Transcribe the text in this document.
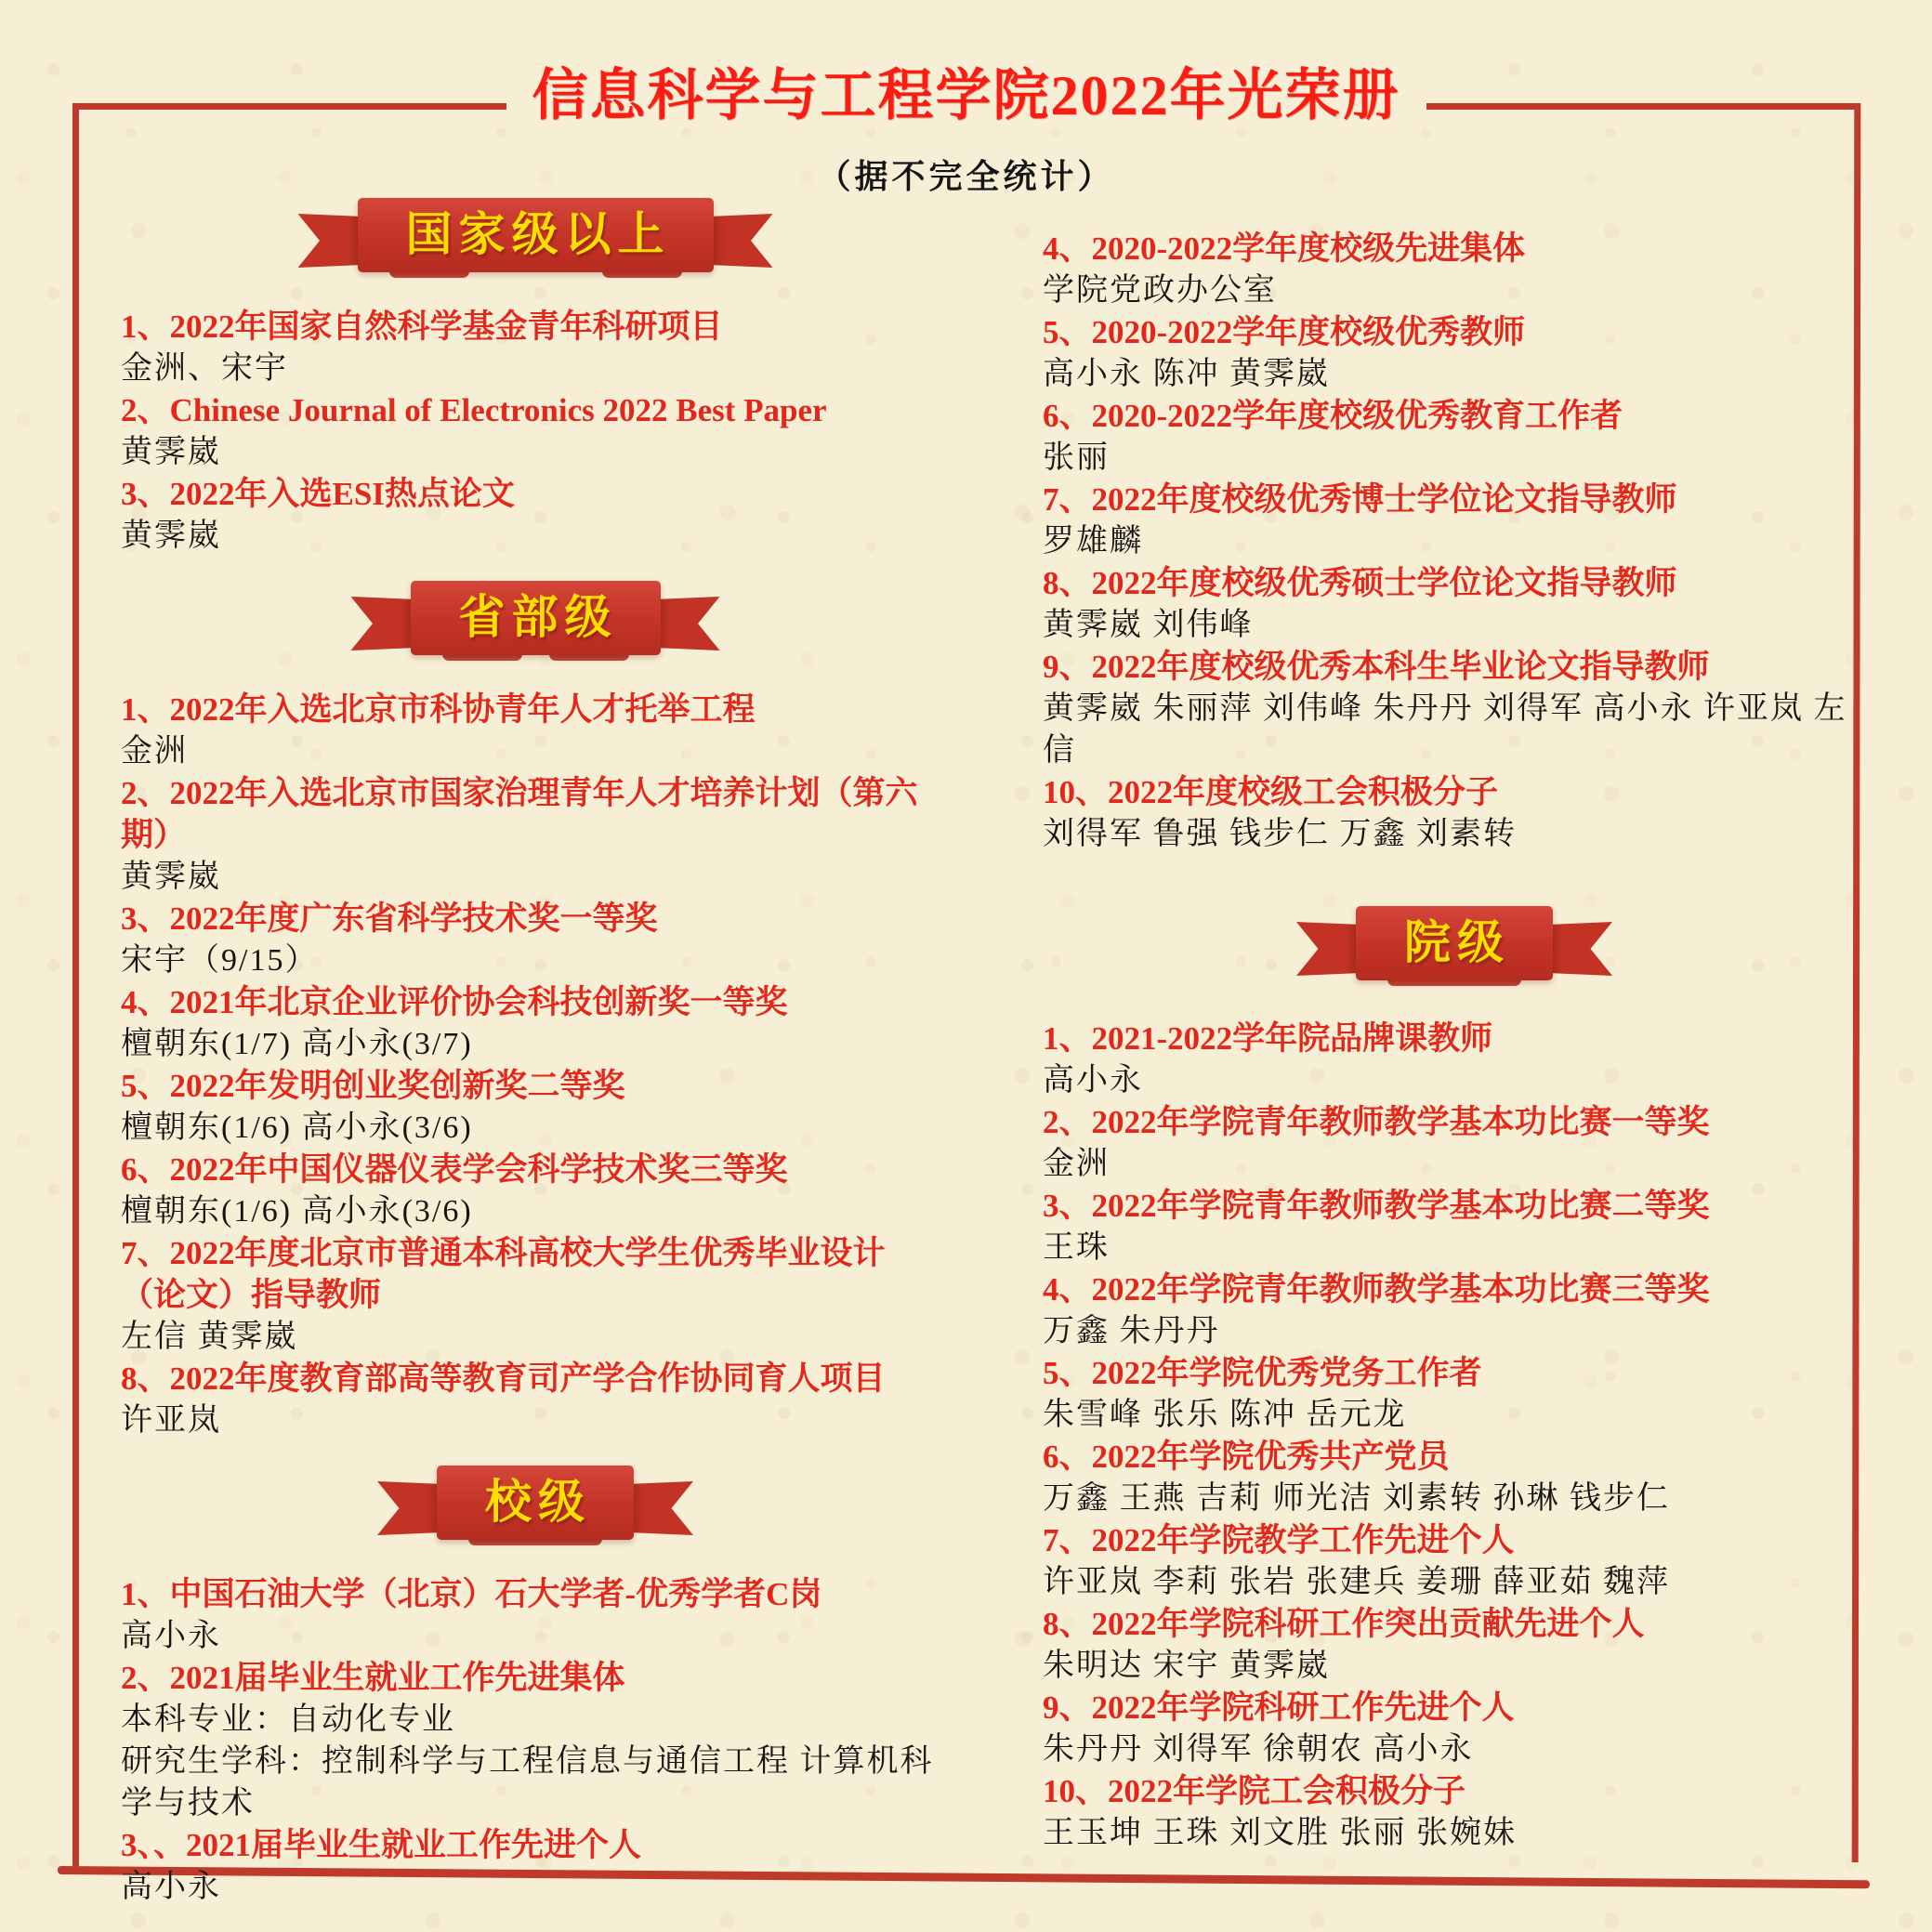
信息科学与工程学院2022年光荣册
（据不完全统计）
国家级以上
1、2022年国家自然科学基金青年科研项目
金洲、宋宇
2、Chinese Journal of Electronics 2022 Best Paper
黄霁崴
3、2022年入选ESI热点论文
黄霁崴
省部级
1、2022年入选北京市科协青年人才托举工程
金洲
2、2022年入选北京市国家治理青年人才培养计划（第六期）
黄霁崴
3、2022年度广东省科学技术奖一等奖
宋宇（9/15）
4、2021年北京企业评价协会科技创新奖一等奖
檀朝东(1/7) 高小永(3/7)
5、2022年发明创业奖创新奖二等奖
檀朝东(1/6) 高小永(3/6)
6、2022年中国仪器仪表学会科学技术奖三等奖
檀朝东(1/6) 高小永(3/6)
7、2022年度北京市普通本科高校大学生优秀毕业设计（论文）指导教师
左信 黄霁崴
8、2022年度教育部高等教育司产学合作协同育人项目
许亚岚
校级
1、中国石油大学（北京）石大学者-优秀学者C岗
高小永
2、2021届毕业生就业工作先进集体
本科专业：自动化专业
研究生学科：控制科学与工程信息与通信工程 计算机科学与技术
3、、2021届毕业生就业工作先进个人
高小永
4、2020-2022学年度校级先进集体
学院党政办公室
5、2020-2022学年度校级优秀教师
高小永 陈冲 黄霁崴
6、2020-2022学年度校级优秀教育工作者
张丽
7、2022年度校级优秀博士学位论文指导教师
罗雄麟
8、2022年度校级优秀硕士学位论文指导教师
黄霁崴 刘伟峰
9、2022年度校级优秀本科生毕业论文指导教师
黄霁崴 朱丽萍 刘伟峰 朱丹丹 刘得军 高小永 许亚岚 左信
10、2022年度校级工会积极分子
刘得军 鲁强 钱步仁 万鑫 刘素转
院级
1、2021-2022学年院品牌课教师
高小永
2、2022年学院青年教师教学基本功比赛一等奖
金洲
3、2022年学院青年教师教学基本功比赛二等奖
王珠
4、2022年学院青年教师教学基本功比赛三等奖
万鑫 朱丹丹
5、2022年学院优秀党务工作者
朱雪峰 张乐 陈冲 岳元龙
6、2022年学院优秀共产党员
万鑫 王燕 吉莉 师光洁 刘素转 孙琳 钱步仁
7、2022年学院教学工作先进个人
许亚岚 李莉 张岩 张建兵 姜珊 薛亚茹 魏萍
8、2022年学院科研工作突出贡献先进个人
朱明达 宋宇 黄霁崴
9、2022年学院科研工作先进个人
朱丹丹 刘得军 徐朝农 高小永
10、2022年学院工会积极分子
王玉坤 王珠 刘文胜 张丽 张婉妹
